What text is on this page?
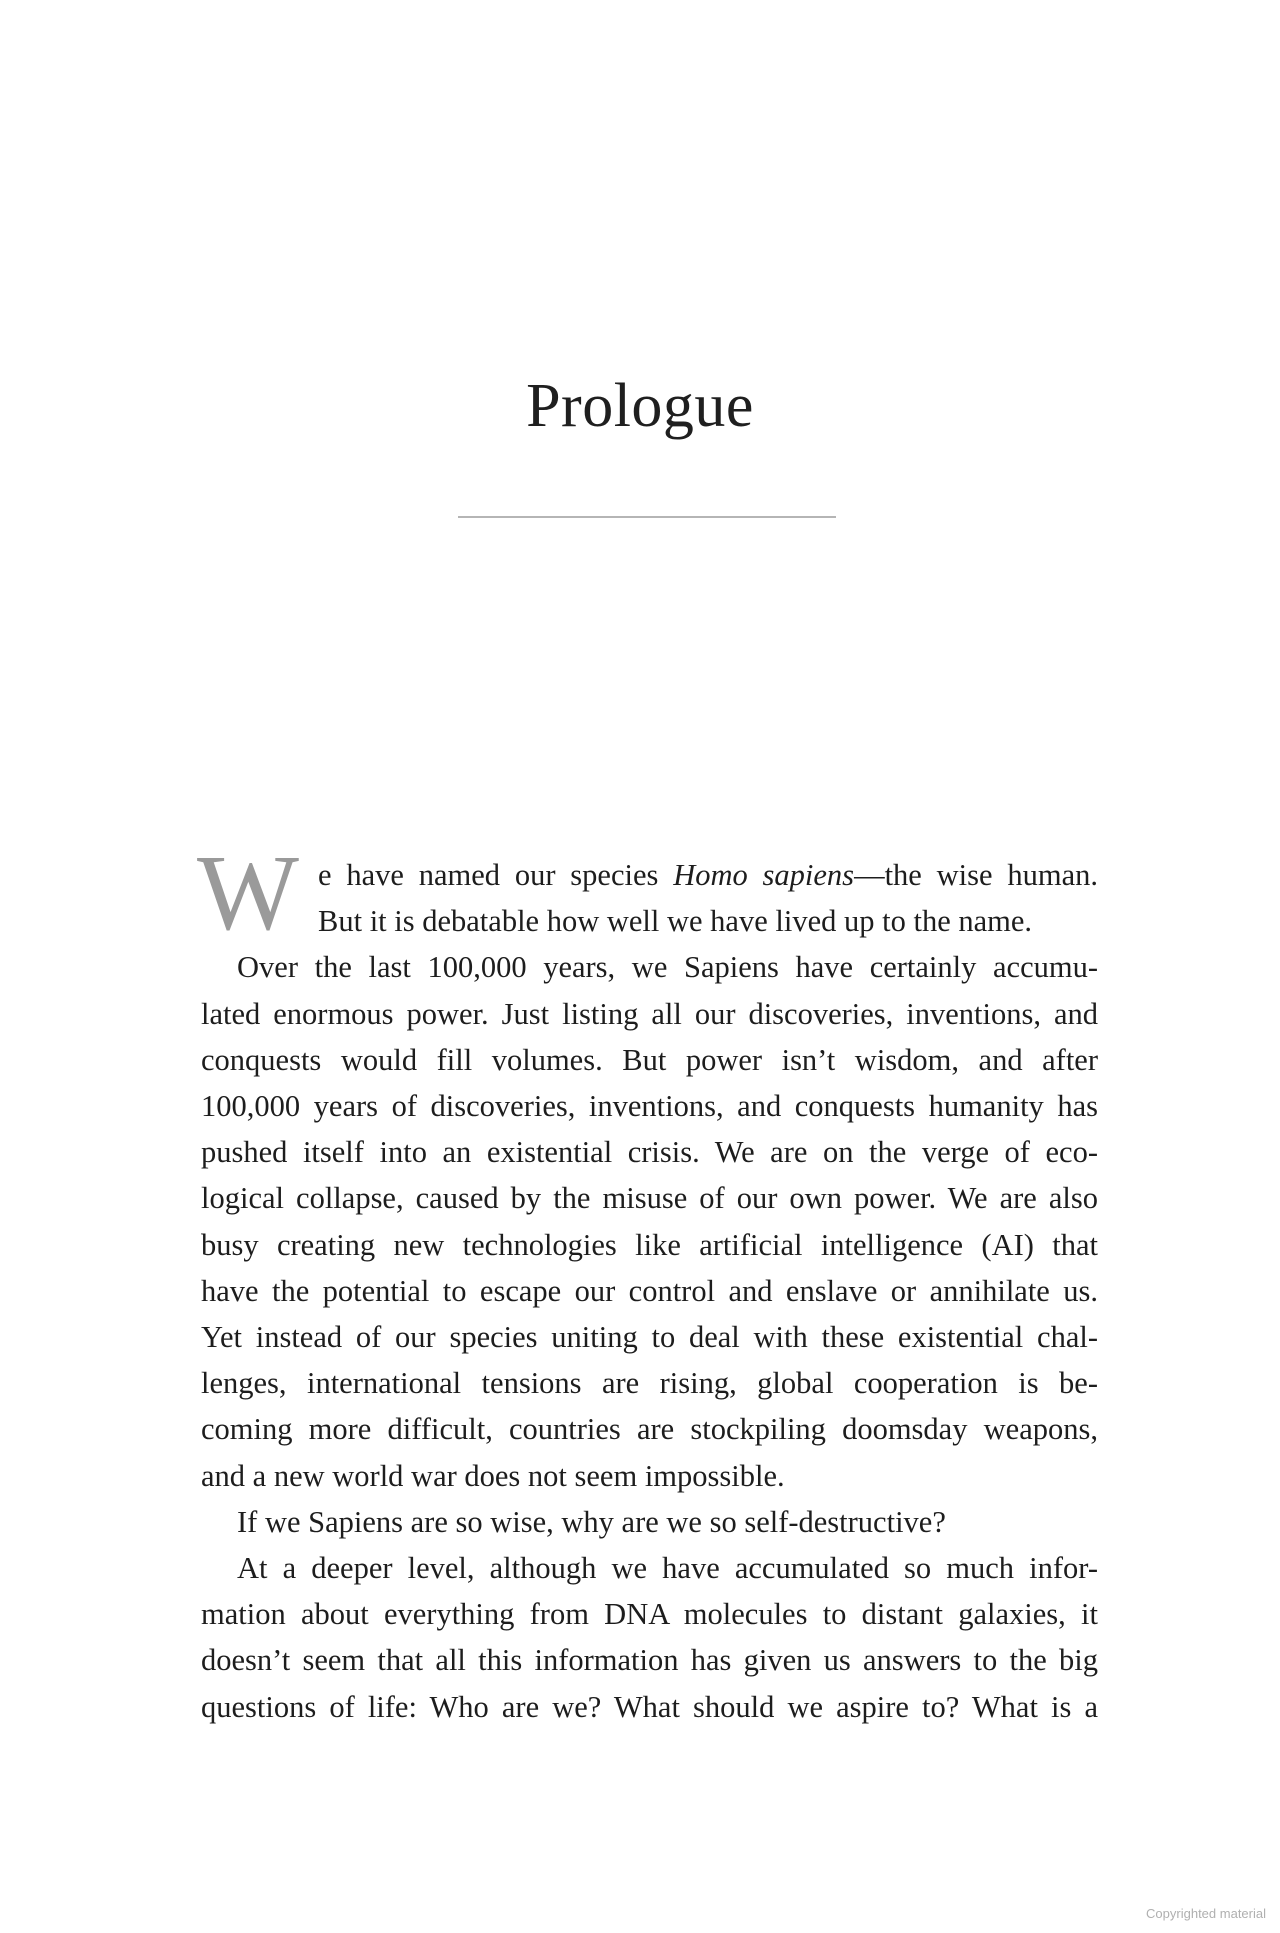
Prologue

W e have named our species Homo sapiens—the wise human.
But it is debatable how well we have lived up to the name.

Over the last 100,000 years, we Sapiens have certainly accumu-
lated enormous power. Just listing all our discoveries, inventions, and
conquests would fill volumes. But power isn’t wisdom, and after
100,000 years of discoveries, inventions, and conquests humanity has
pushed itself into an existential crisis. We are on the verge of eco-
logical collapse, caused by the misuse of our own power. We are also
busy creating new technologies like artificial intelligence (AI) that
have the potential to escape our control and enslave or annihilate us.
Yet instead of our species uniting to deal with these existential chal-
lenges, international tensions are rising, global cooperation is be-
coming more difficult, countries are stockpiling doomsday weapons,
and a new world war does not seem impossible.

If we Sapiens are so wise, why are we so self-destructive?

At a deeper level, although we have accumulated so much infor-
mation about everything from DNA molecules to distant galaxies, it
doesn’t seem that all this information has given us answers to the big
questions of life: Who are we? What should we aspire to? What is a

Copyrighted material
